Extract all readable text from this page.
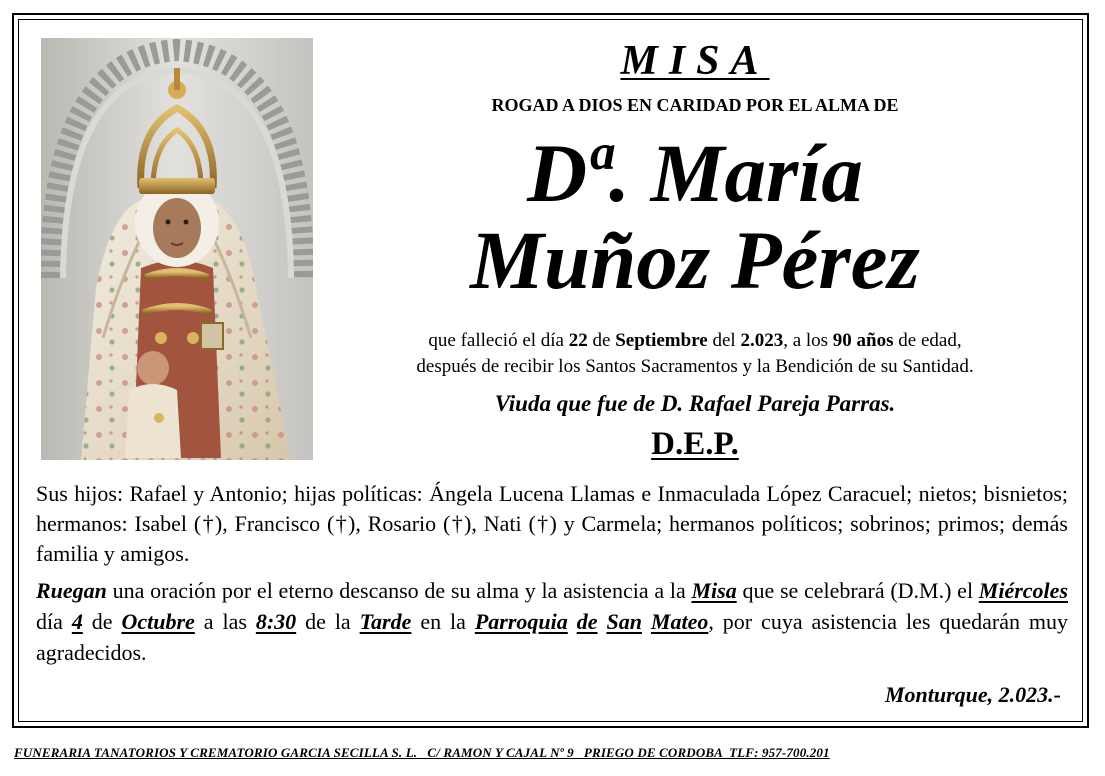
MISA
ROGAD A DIOS EN CARIDAD POR EL ALMA DE
Dª. María
Muñoz Pérez
que falleció el día 22 de Septiembre del 2.023, a los 90 años de edad,
después de recibir los Santos Sacramentos y la Bendición de su Santidad.
Viuda que fue de D. Rafael Pareja Parras.
D.E.P.
Sus hijos: Rafael y Antonio; hijas políticas: Ángela Lucena Llamas e Inmaculada López Caracuel; nietos; bisnietos; hermanos: Isabel (†), Francisco (†), Rosario (†), Nati (†) y Carmela; hermanos políticos; sobrinos; primos; demás familia y amigos.
Ruegan una oración por el eterno descanso de su alma y la asistencia a la Misa que se celebrará (D.M.) el Miércoles día 4 de Octubre a las 8:30 de la Tarde en la Parroquia de San Mateo, por cuya asistencia les quedarán muy agradecidos.
Monturque, 2.023.-
FUNERARIA TANATORIOS Y CREMATORIO GARCIA SECILLA S. L.   C/ RAMON Y CAJAL Nº 9   PRIEGO DE CORDOBA  TLF: 957-700.201
